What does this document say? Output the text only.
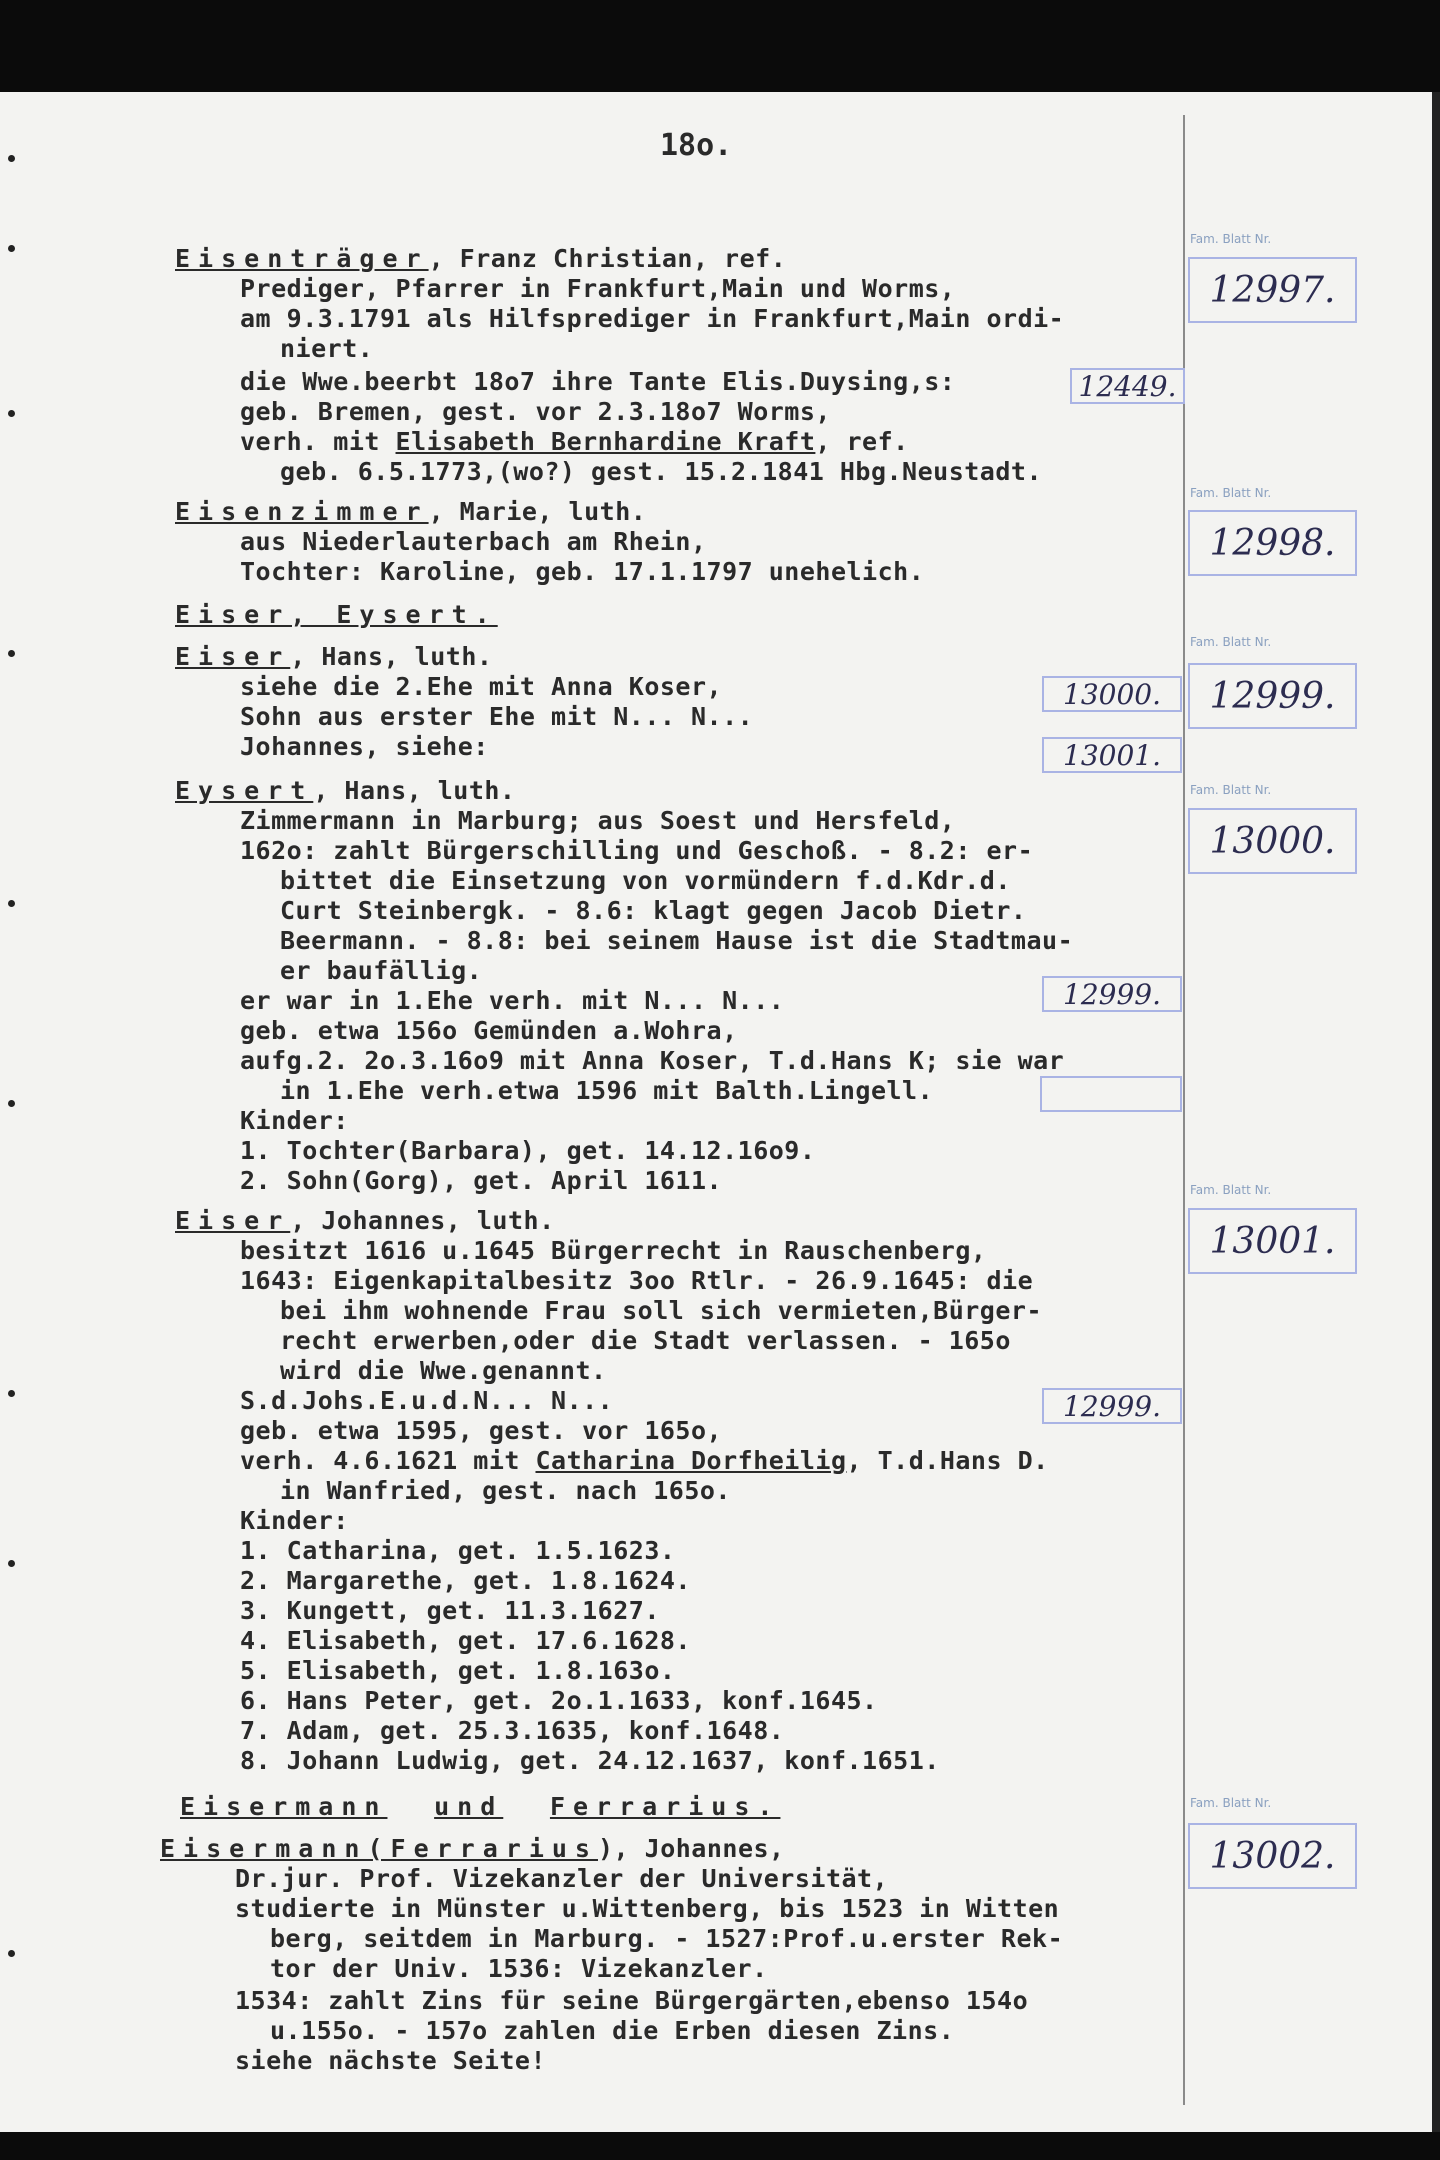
18o.
Fam. Blatt Nr.
12997.
Fam. Blatt Nr.
12998.
Fam. Blatt Nr.
12999.
Fam. Blatt Nr.
13000.
Fam. Blatt Nr.
13001.
Fam. Blatt Nr.
13002.
12449.
13000.
13001.
12999.
12999.
Eisenträger, Franz Christian, ref.
Prediger, Pfarrer in Frankfurt,Main und Worms,
am 9.3.1791 als Hilfsprediger in Frankfurt,Main ordi-
niert.
die Wwe.beerbt 18o7 ihre Tante Elis.Duysing,s:
geb. Bremen, gest. vor 2.3.18o7 Worms,
verh. mit Elisabeth Bernhardine Kraft, ref.
geb. 6.5.1773,(wo?) gest. 15.2.1841 Hbg.Neustadt.
Eisenzimmer, Marie, luth.
aus Niederlauterbach am Rhein,
Tochter: Karoline, geb. 17.1.1797 unehelich.
Eiser, Eysert.
Eiser, Hans, luth.
siehe die 2.Ehe mit Anna Koser,
Sohn aus erster Ehe mit N... N...
Johannes, siehe:
Eysert, Hans, luth.
Zimmermann in Marburg; aus Soest und Hersfeld,
162o: zahlt Bürgerschilling und Geschoß. - 8.2: er-
bittet die Einsetzung von vormündern f.d.Kdr.d.
Curt Steinbergk. - 8.6: klagt gegen Jacob Dietr.
Beermann. - 8.8: bei seinem Hause ist die Stadtmau-
er baufällig.
er war in 1.Ehe verh. mit N... N...
geb. etwa 156o Gemünden a.Wohra,
aufg.2. 2o.3.16o9 mit Anna Koser, T.d.Hans K; sie war
in 1.Ehe verh.etwa 1596 mit Balth.Lingell.
Kinder:
1. Tochter(Barbara), get. 14.12.16o9.
2. Sohn(Gorg), get. April 1611.
Eiser, Johannes, luth.
besitzt 1616 u.1645 Bürgerrecht in Rauschenberg,
1643: Eigenkapitalbesitz 3oo Rtlr. - 26.9.1645: die
bei ihm wohnende Frau soll sich vermieten,Bürger-
recht erwerben,oder die Stadt verlassen. - 165o
wird die Wwe.genannt.
S.d.Johs.E.u.d.N... N...
geb. etwa 1595, gest. vor 165o,
verh. 4.6.1621 mit Catharina Dorfheilig, T.d.Hans D.
in Wanfried, gest. nach 165o.
Kinder:
1. Catharina, get. 1.5.1623.
2. Margarethe, get. 1.8.1624.
3. Kungett, get. 11.3.1627.
4. Elisabeth, get. 17.6.1628.
5. Elisabeth, get. 1.8.163o.
6. Hans Peter, get. 2o.1.1633, konf.1645.
7. Adam, get. 25.3.1635, konf.1648.
8. Johann Ludwig, get. 24.12.1637, konf.1651.
Eisermann und Ferrarius.
Eisermann(Ferrarius), Johannes,
Dr.jur. Prof. Vizekanzler der Universität,
studierte in Münster u.Wittenberg, bis 1523 in Witten
berg, seitdem in Marburg. - 1527:Prof.u.erster Rek-
tor der Univ. 1536: Vizekanzler.
1534: zahlt Zins für seine Bürgergärten,ebenso 154o
u.155o. - 157o zahlen die Erben diesen Zins.
siehe nächste Seite!
